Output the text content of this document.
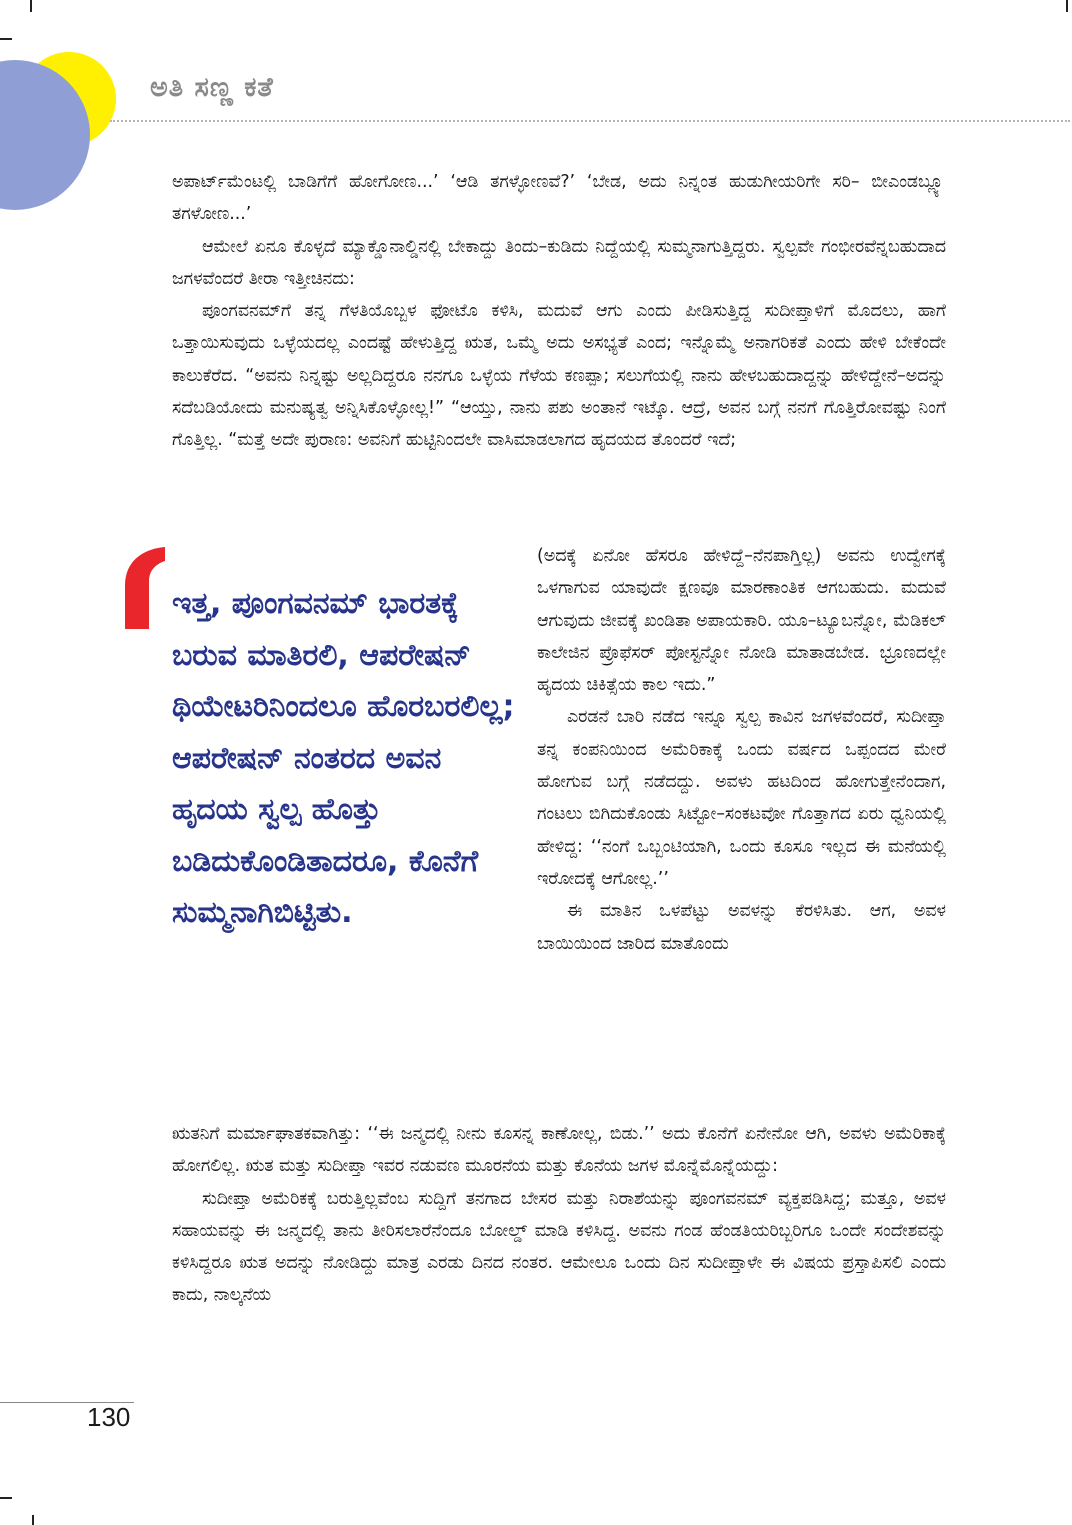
ಅತಿ ಸಣ್ಣ ಕತೆ

ಅಪಾರ್ಟ್‌ಮೆಂಟಲ್ಲಿ ಬಾಡಿಗೆಗೆ ಹೋಗೋಣ...’ ‘ಆಡಿ ತಗಳ್ಳೋಣವೆ?’ ‘ಬೇಡ, ಅದು ನಿನ್ನಂತ ಹುಡುಗೀಯರಿಗೇ ಸರಿ– ಬೀಎಂಡಬ್ಲ್ಯೂ ತಗಳೋಣ...’

ಆಮೇಲೆ ಏನೂ ಕೊಳ್ಳದೆ ಮ್ಯಾಕ್ಡೊನಾಲ್ಡಿನಲ್ಲಿ ಬೇಕಾದ್ದು ತಿಂದು–ಕುಡಿದು ನಿದ್ದೆಯಲ್ಲಿ ಸುಮ್ಮನಾಗುತ್ತಿದ್ದರು. ಸ್ವಲ್ಪವೇ ಗಂಭೀರವೆನ್ನಬಹುದಾದ ಜಗಳವೆಂದರೆ ತೀರಾ ಇತ್ತೀಚಿನದು:

ಪೂಂಗವನಮ್‌ಗೆ ತನ್ನ ಗೆಳತಿಯೊಬ್ಬಳ ಫೋಟೊ ಕಳಿಸಿ, ಮದುವೆ ಆಗು ಎಂದು ಪೀಡಿಸುತ್ತಿದ್ದ ಸುದೀಪ್ತಾಳಿಗೆ ಮೊದಲು, ಹಾಗೆ ಒತ್ತಾಯಿಸುವುದು ಒಳ್ಳೆಯದಲ್ಲ ಎಂದಷ್ಟೆ ಹೇಳುತ್ತಿದ್ದ ಋತ, ಒಮ್ಮೆ ಅದು ಅಸಭ್ಯತೆ ಎಂದ; ಇನ್ನೊಮ್ಮೆ ಅನಾಗರಿಕತೆ ಎಂದು ಹೇಳಿ ಬೇಕೆಂದೇ ಕಾಲುಕೆರೆದ. “ಅವನು ನಿನ್ನಷ್ಟು ಅಲ್ಲದಿದ್ದರೂ ನನಗೂ ಒಳ್ಳೆಯ ಗೆಳೆಯ ಕಣಪ್ಪಾ; ಸಲುಗೆಯಲ್ಲಿ ನಾನು ಹೇಳಬಹುದಾದ್ದನ್ನು ಹೇಳಿದ್ದೇನೆ–ಅದನ್ನು ಸದೆಬಡಿಯೋದು ಮನುಷ್ಯತ್ವ ಅನ್ನಿಸಿಕೊಳ್ಳೋಲ್ಲ!” “ಆಯ್ತು, ನಾನು ಪಶು ಅಂತಾನೆ ಇಟ್ಕೊ. ಆದ್ರೆ, ಅವನ ಬಗ್ಗೆ ನನಗೆ ಗೊತ್ತಿರೋವಷ್ಟು ನಿಂಗೆ ಗೊತ್ತಿಲ್ಲ. “ಮತ್ತೆ ಅದೇ ಪುರಾಣ: ಅವನಿಗೆ ಹುಟ್ಟಿನಿಂದಲೇ ವಾಸಿಮಾಡಲಾಗದ ಹೃದಯದ ತೊಂದರೆ ಇದೆ;

ಇತ್ತ, ಪೂಂಗವನಮ್ ಭಾರತಕ್ಕೆ ಬರುವ ಮಾತಿರಲಿ, ಆಪರೇಷನ್ ಥಿಯೇಟರಿನಿಂದಲೂ ಹೊರಬರಲಿಲ್ಲ; ಆಪರೇಷನ್ ನಂತರದ ಅವನ ಹೃದಯ ಸ್ವಲ್ಪ ಹೊತ್ತು ಬಡಿದುಕೊಂಡಿತಾದರೂ, ಕೊನೆಗೆ ಸುಮ್ಮನಾಗಿಬಿಟ್ಟಿತು.

(ಅದಕ್ಕೆ ಏನೋ ಹೆಸರೂ ಹೇಳಿದ್ದೆ–ನೆನಪಾಗ್ತಿಲ್ಲ) ಅವನು ಉದ್ವೇಗಕ್ಕೆ ಒಳಗಾಗುವ ಯಾವುದೇ ಕ್ಷಣವೂ ಮಾರಣಾಂತಿಕ ಆಗಬಹುದು. ಮದುವೆ ಆಗುವುದು ಜೀವಕ್ಕೆ ಖಂಡಿತಾ ಅಪಾಯಕಾರಿ. ಯೂ–ಟ್ಯೂಬನ್ನೋ, ಮೆಡಿಕಲ್ ಕಾಲೇಜಿನ ಪ್ರೊಫೆಸರ್ ಪೋಸ್ಟನ್ನೋ ನೋಡಿ ಮಾತಾಡಬೇಡ. ಭ್ರೂಣದಲ್ಲೇ ಹೃದಯ ಚಿಕಿತ್ಸೆಯ ಕಾಲ ಇದು.”

ಎರಡನೆ ಬಾರಿ ನಡೆದ ಇನ್ನೂ ಸ್ವಲ್ಪ ಕಾವಿನ ಜಗಳವೆಂದರೆ, ಸುದೀಪ್ತಾ ತನ್ನ ಕಂಪನಿಯಿಂದ ಅಮೆರಿಕಾಕ್ಕೆ ಒಂದು ವರ್ಷದ ಒಪ್ಪಂದದ ಮೇರೆ ಹೋಗುವ ಬಗ್ಗೆ ನಡೆದದ್ದು. ಅವಳು ಹಟದಿಂದ ಹೋಗುತ್ತೇನೆಂದಾಗ, ಗಂಟಲು ಬಿಗಿದುಕೊಂಡು ಸಿಟ್ಟೋ–ಸಂಕಟವೋ ಗೊತ್ತಾಗದ ಏರು ಧ್ವನಿಯಲ್ಲಿ ಹೇಳಿದ್ದ: ‘‘ನಂಗೆ ಒಬ್ಬಂಟಿಯಾಗಿ, ಒಂದು ಕೂಸೂ ಇಲ್ಲದ ಈ ಮನೆಯಲ್ಲಿ ಇರೋದಕ್ಕೆ ಆಗೋಲ್ಲ.’’

ಈ ಮಾತಿನ ಒಳಪೆಟ್ಟು ಅವಳನ್ನು ಕೆರಳಿಸಿತು. ಆಗ, ಅವಳ ಬಾಯಿಯಿಂದ ಜಾರಿದ ಮಾತೊಂದು

ಋತನಿಗೆ ಮರ್ಮಾಘಾತಕವಾಗಿತ್ತು: ‘‘ಈ ಜನ್ಮದಲ್ಲಿ ನೀನು ಕೂಸನ್ನ ಕಾಣೋಲ್ಲ, ಬಿಡು.’’ ಅದು ಕೊನೆಗೆ ಏನೇನೋ ಆಗಿ, ಅವಳು ಅಮೆರಿಕಾಕ್ಕೆ ಹೋಗಲಿಲ್ಲ. ಋತ ಮತ್ತು ಸುದೀಪ್ತಾ ಇವರ ನಡುವಣ ಮೂರನೆಯ ಮತ್ತು ಕೊನೆಯ ಜಗಳ ಮೊನ್ನೆಮೊನ್ನೆಯದ್ದು:

ಸುದೀಪ್ತಾ ಅಮೆರಿಕಕ್ಕೆ ಬರುತ್ತಿಲ್ಲವೆಂಬ ಸುದ್ದಿಗೆ ತನಗಾದ ಬೇಸರ ಮತ್ತು ನಿರಾಶೆಯನ್ನು ಪೂಂಗವನಮ್ ವ್ಯಕ್ತಪಡಿಸಿದ್ದ; ಮತ್ತೂ, ಅವಳ ಸಹಾಯವನ್ನು ಈ ಜನ್ಮದಲ್ಲಿ ತಾನು ತೀರಿಸಲಾರೆನೆಂದೂ ಬೋಲ್ಡ್ ಮಾಡಿ ಕಳಿಸಿದ್ದ. ಅವನು ಗಂಡ ಹೆಂಡತಿಯರಿಬ್ಬರಿಗೂ ಒಂದೇ ಸಂದೇಶವನ್ನು ಕಳಿಸಿದ್ದರೂ ಋತ ಅದನ್ನು ನೋಡಿದ್ದು ಮಾತ್ರ ಎರಡು ದಿನದ ನಂತರ. ಆಮೇಲೂ ಒಂದು ದಿನ ಸುದೀಪ್ತಾಳೇ ಈ ವಿಷಯ ಪ್ರಸ್ತಾಪಿಸಲಿ ಎಂದು ಕಾದು, ನಾಲ್ಕನೆಯ

130
